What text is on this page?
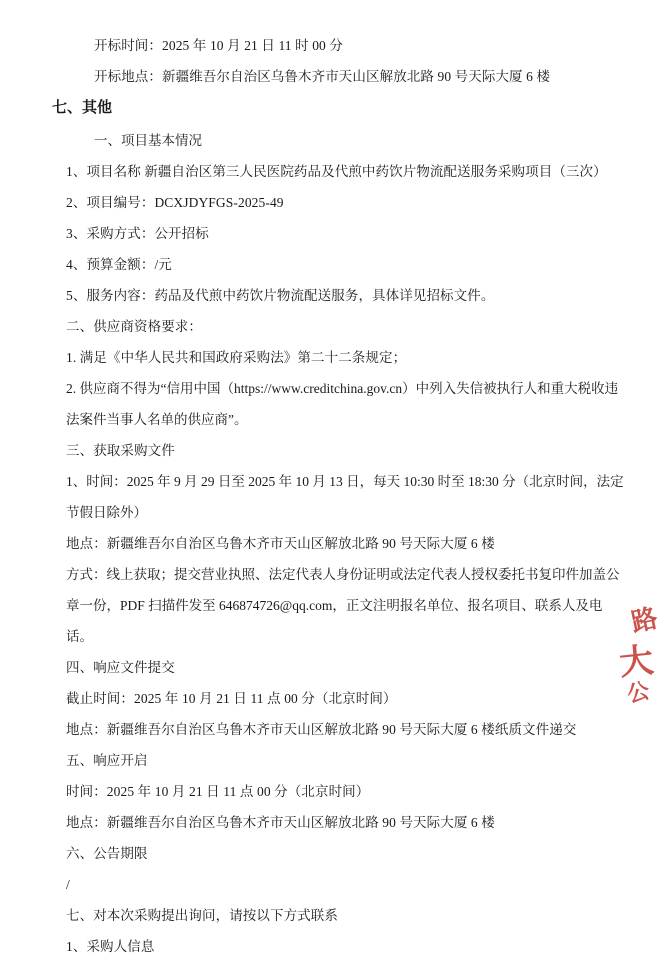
开标时间：2025 年 10 月 21 日 11 时 00 分
开标地点：新疆维吾尔自治区乌鲁木齐市天山区解放北路 90 号天际大厦 6 楼
七、其他
一、项目基本情况
1、项目名称 新疆自治区第三人民医院药品及代煎中药饮片物流配送服务采购项目（三次）
2、项目编号：DCXJDYFGS-2025-49
3、采购方式：公开招标
4、预算金额：/元
5、服务内容：药品及代煎中药饮片物流配送服务，具体详见招标文件。
二、供应商资格要求：
1. 满足《中华人民共和国政府采购法》第二十二条规定；
2. 供应商不得为“信用中国（https://www.creditchina.gov.cn）中列入失信被执行人和重大税收违法案件当事人名单的供应商”。
三、获取采购文件
1、时间：2025 年 9 月 29 日至 2025 年 10 月 13 日，每天 10:30 时至 18:30 分（北京时间，法定节假日除外）
地点：新疆维吾尔自治区乌鲁木齐市天山区解放北路 90 号天际大厦 6 楼
方式：线上获取；提交营业执照、法定代表人身份证明或法定代表人授权委托书复印件加盖公章一份，PDF 扫描件发至 646874726@qq.com，正文注明报名单位、报名项目、联系人及电话。
四、响应文件提交
截止时间：2025 年 10 月 21 日 11 点 00 分（北京时间）
地点：新疆维吾尔自治区乌鲁木齐市天山区解放北路 90 号天际大厦 6 楼纸质文件递交
五、响应开启
时间：2025 年 10 月 21 日 11 点 00 分（北京时间）
地点：新疆维吾尔自治区乌鲁木齐市天山区解放北路 90 号天际大厦 6 楼
六、公告期限
/
七、对本次采购提出询问，请按以下方式联系
1、采购人信息
路
大
公
